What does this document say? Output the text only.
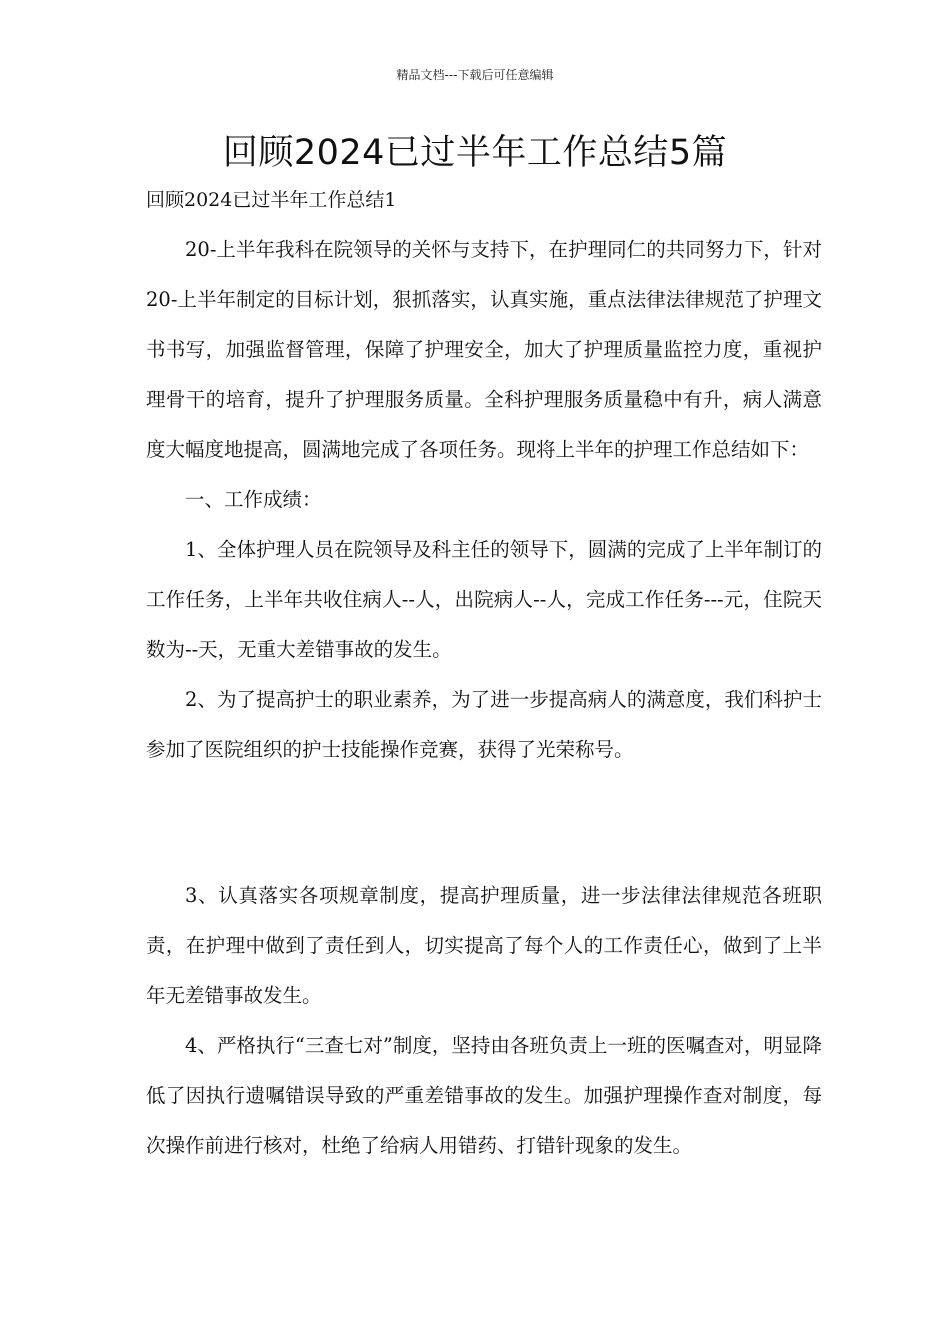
精品文档---下载后可任意编辑
回顾2024已过半年工作总结5篇
回顾2024已过半年工作总结1

20-上半年我科在院领导的关怀与支持下，在护理同仁的共同努力下，针对20-上半年制定的目标计划，狠抓落实，认真实施，重点法律法律规范了护理文书书写，加强监督管理，保障了护理安全，加大了护理质量监控力度，重视护理骨干的培育，提升了护理服务质量。全科护理服务质量稳中有升，病人满意度大幅度地提高，圆满地完成了各项任务。现将上半年的护理工作总结如下：

一、工作成绩：

1、全体护理人员在院领导及科主任的领导下，圆满的完成了上半年制订的工作任务，上半年共收住病人--人，出院病人--人，完成工作任务---元，住院天数为--天，无重大差错事故的发生。

2、为了提高护士的职业素养，为了进一步提高病人的满意度，我们科护士参加了医院组织的护士技能操作竞赛，获得了光荣称号。

3、认真落实各项规章制度，提高护理质量，进一步法律法律规范各班职责，在护理中做到了责任到人，切实提高了每个人的工作责任心，做到了上半年无差错事故发生。

4、严格执行“三查七对”制度，坚持由各班负责上一班的医嘱查对，明显降低了因执行遗嘱错误导致的严重差错事故的发生。加强护理操作查对制度，每次操作前进行核对，杜绝了给病人用错药、打错针现象的发生。
